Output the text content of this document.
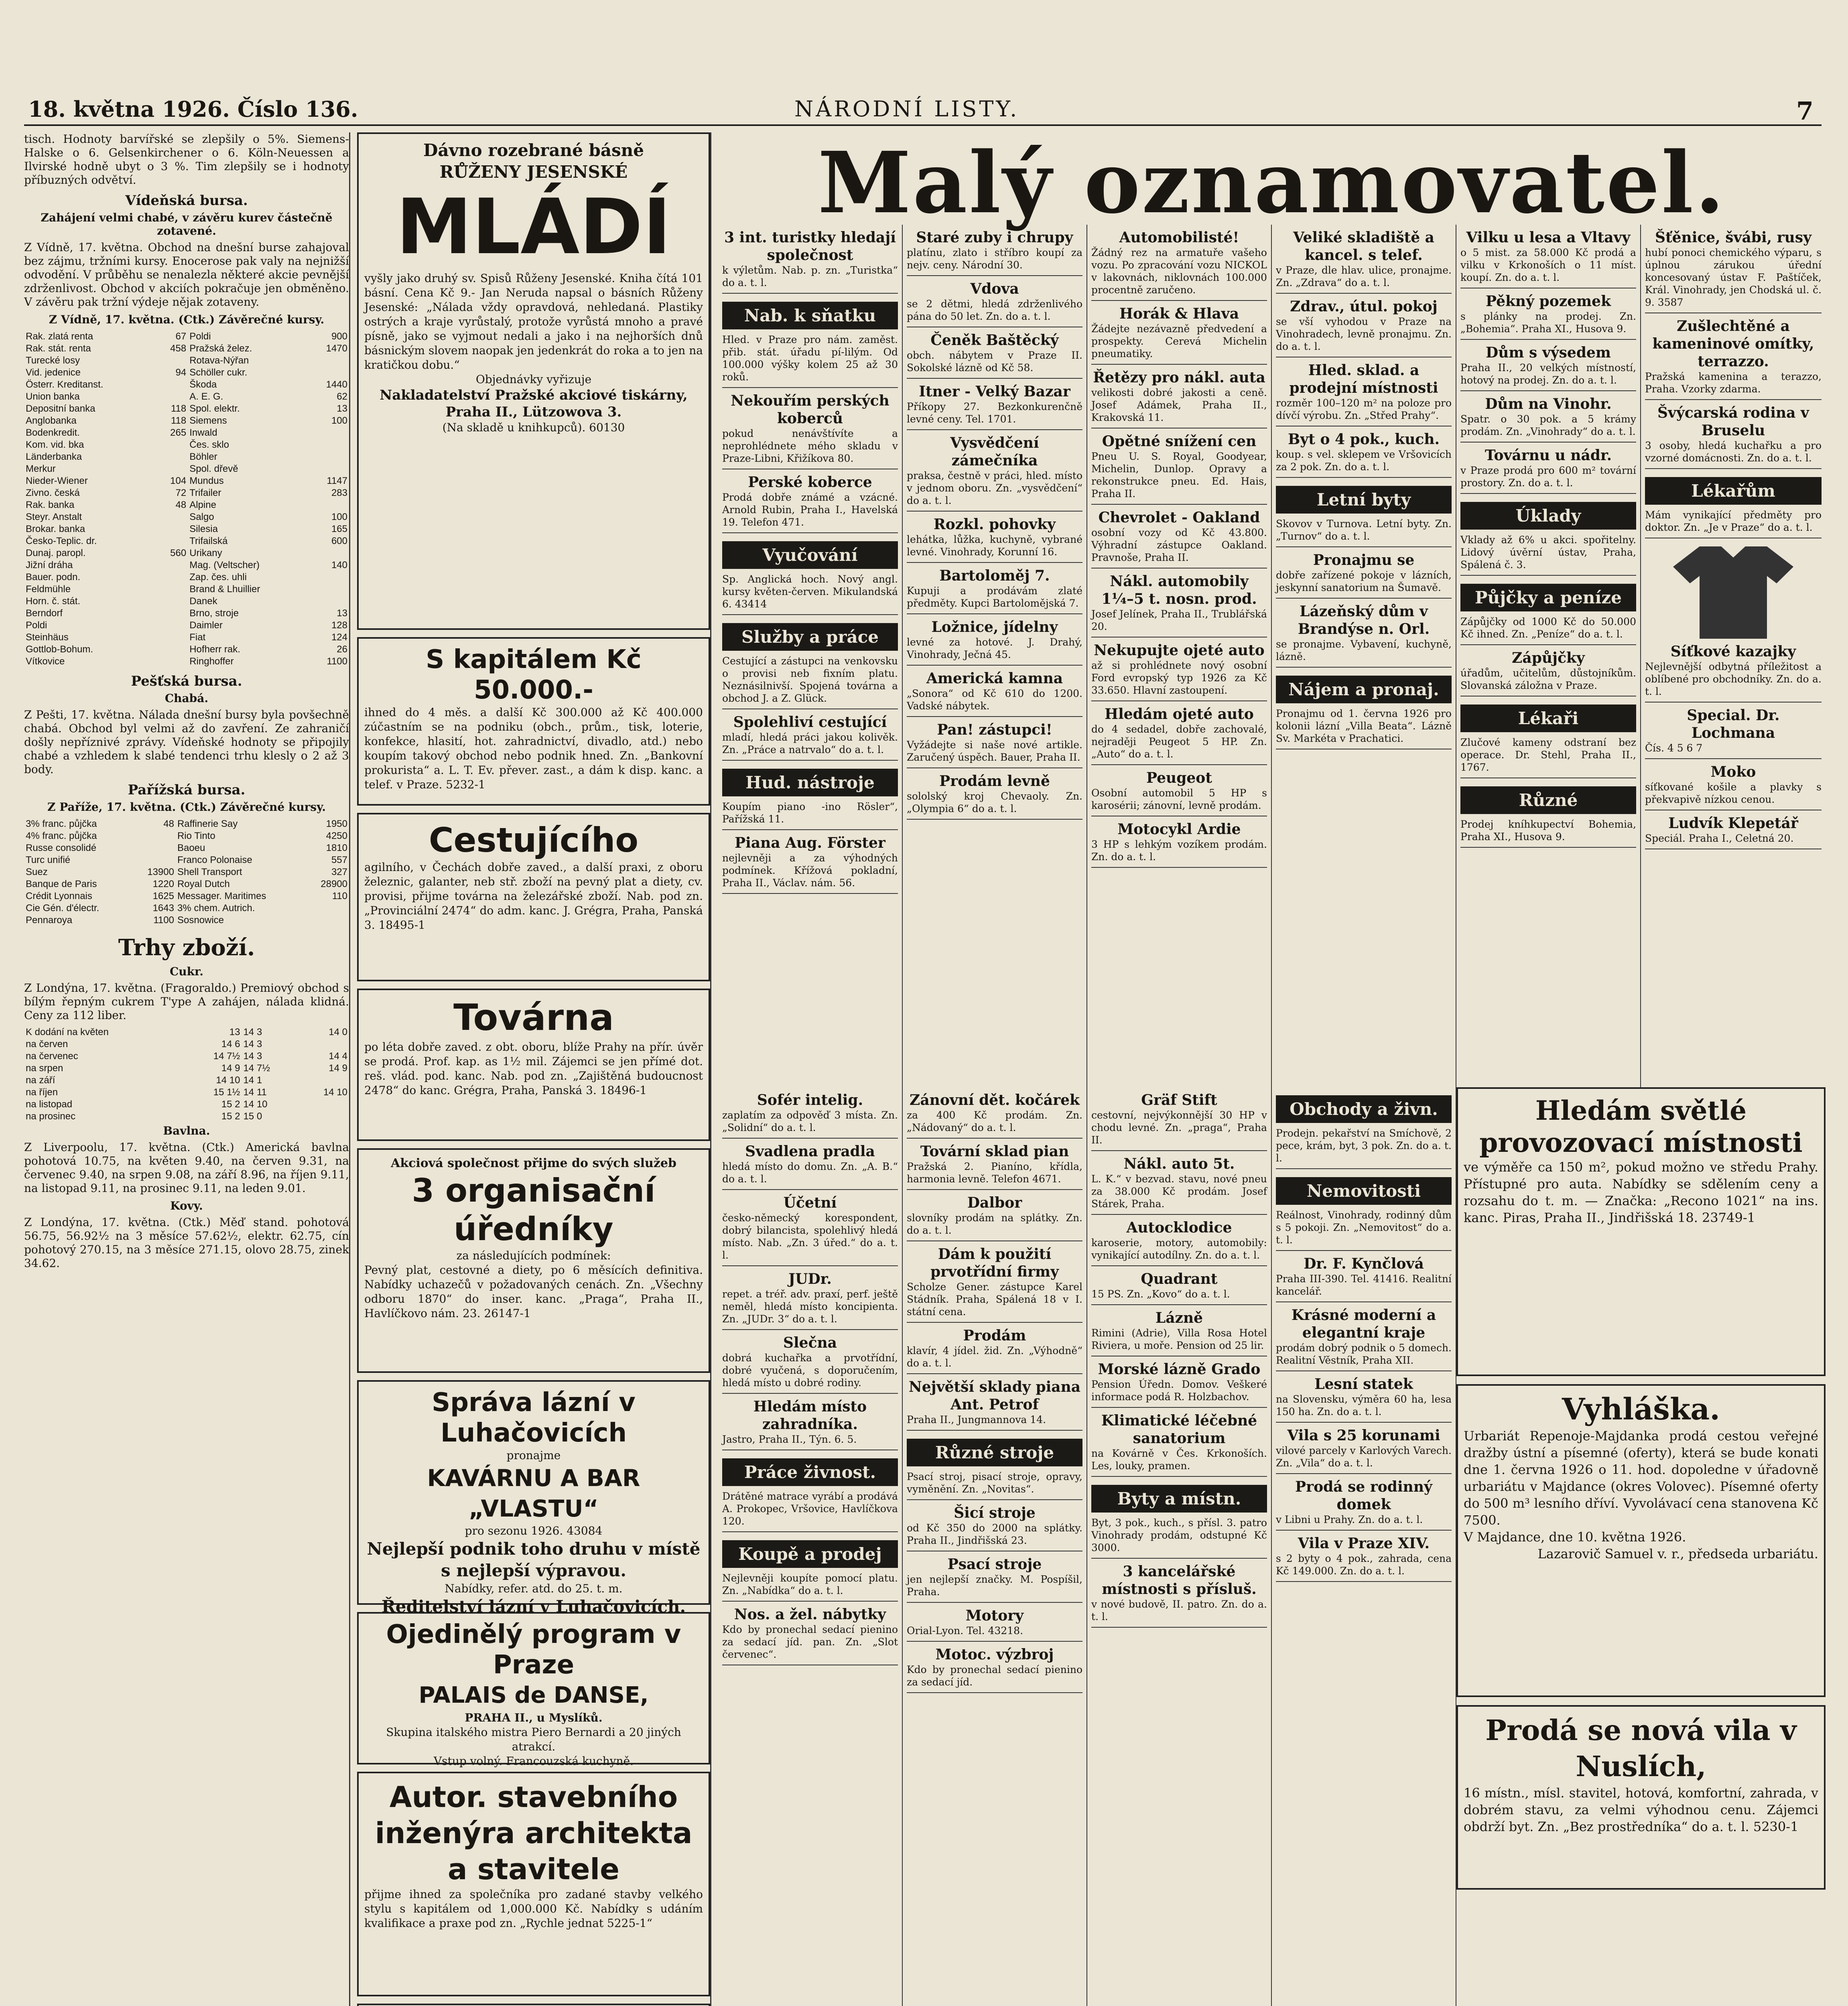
18. května 1926. Číslo 136.	NÁRODNÍ LISTY.	7

tisch. Hodnoty barvířské se zlepšily o 5%. Siemens-Halske o 6. Gelsenkirchener o 6. Köln-Neuessen a Ilvirské hodně ubyt o 3 %. Tim zlepšily se i hodnoty příbuzných odvětví.

Vídeňská bursa.
Zahájení velmi chabé, v závěru kurev částečně zotavené.

Z Vídně, 17. května. Obchod na dnešní burse zahajoval bez zájmu, tržními kursy. Enocerose pak valy na nejnižší odvodění. V průběhu se nenalezla některé akcie pevnější zdrženlivost. Obchod v akciích pokračuje jen obměněno. V závěru pak tržní výdeje nějak zotaveny.

Z Vídně, 17. května. (Ctk.) Závěrečné kursy.

Rak. zlatá renta	67	Poldi	900
Rak. stát. renta	458	Pražská želez.	1470
Turecké losy		Rotava-Nýřan	
Vid. jedenice	94	Schöller cukr.	
Österr. Kreditanst.		Škoda	1440
Union banka		A. E. G.	62
Depositní banka	118	Spol. elektr.	13
Anglobanka	118	Siemens	100
Bodenkredit.	265	Inwald	
Kom. vid. bka		Čes. sklo	
Länderbanka		Böhler	
Merkur		Spol. dřevě	
Nieder-Wiener	104	Mundus	1147
Zivno. česká	72	Trifailer	283
Rak. banka	48	Alpine	
Steyr. Anstalt		Salgo	100
Brokar. banka		Silesia	165
Česko-Teplic. dr.		Trifailská	600
Dunaj. paropl.	560	Urikany	
Jižní dráha		Mag. (Veltscher)	140
Bauer. podn.		Zap. čes. uhli	
Feldmühle		Brand & Lhuillier	
Horn. č. stát.		Danek	
Berndorf		Brno, stroje	13
Poldi		Daimler	128
Steinhäus		Fiat	124
Gottlob-Bohum.		Hofherr rak.	26
Vítkovice		Ringhoffer	1100
Pešťská bursa.
Chabá.

Z Pešti, 17. května. Nálada dnešní bursy byla povšechně chabá. Obchod byl velmi až do zavření. Ze zahraničí došly nepříznivé zprávy. Vídeňské hodnoty se připojily chabé a vzhledem k slabé tendenci trhu klesly o 2 až 3 body.

Pařížská bursa.

Z Paříže, 17. května. (Ctk.) Závěrečné kursy.

3% franc. půjčka	48	Raffinerie Say	1950
4% franc. půjčka		Rio Tinto	4250
Russe consolidé		Baoeu	1810
Turc unifié		Franco Polonaise	557
Suez	13900	Shell Transport	327
Banque de Paris	1220	Royal Dutch	28900
Crédit Lyonnais	1625	Messager. Maritimes	110
Cie Gén. d'électr.	1643	3% chem. Autrich.	
Pennaroya	1100	Sosnowice	
Trhy zboží.
Cukr.

Z Londýna, 17. května. (Fragoraldo.) Premiový obchod s bílým řepným cukrem T'ype A zahájen, nálada klidná. Ceny za 112 liber.

K dodání na květen	13	14 3	14 0
na červen	14 6	14 3	
na červenec	14 7½	14 3	14 4
na srpen	14 9	14 7½	14 9
na září	14 10	14 1	
na říjen	15 1½	14 11	14 10
na listopad	15 2	14 10	
na prosinec	15 2	15 0	
Bavlna.

Z Liverpoolu, 17. května. (Ctk.) Americká bavlna pohotová 10.75, na květen 9.40, na červen 9.31, na červenec 9.40, na srpen 9.08, na září 8.96, na říjen 9.11, na listopad 9.11, na prosinec 9.11, na leden 9.01.

Kovy.

Z Londýna, 17. května. (Ctk.) Měď stand. pohotová 56.75, 56.92½ na 3 měsíce 57.62½, elektr. 62.75, cín pohotový 270.15, na 3 měsíce 271.15, olovo 28.75, zinek 34.62.

Dávno rozebrané básně
RŮŽENY JESENSKÉ
MLÁDÍ
vyšly jako druhý sv. Spisů Růženy Jesenské. Kniha čítá 101 básní. Cena Kč 9.- Jan Neruda napsal o básních Růženy Jesenské: „Nálada vždy opravdová, nehledaná. Plastiky ostrých a kraje vyrůstalý, protože vyrůstá mnoho a pravé písně, jako se vyjmout nedali a jako i na nejhorších dnů básnickým slovem naopak jen jedenkrát do roka a to jen na kratičkou dobu.“
Objednávky vyřizuje
Nakladatelství Pražské akciové tiskárny, Praha II., Lützowova 3.
(Na skladě u knihkupců). 60130
S kapitálem Kč 50.000.-
ihned do 4 měs. a další Kč 300.000 až Kč 400.000 zúčastním se na podniku (obch., prům., tisk, loterie, konfekce, hlasití, hot. zahradnictví, divadlo, atd.) nebo koupím takový obchod nebo podnik hned. Zn. „Bankovní prokurista“ a. L. T. Ev. přever. zast., a dám k disp. kanc. a telef. v Praze. 5232-1
Cestujícího
agilního, v Čechách dobře zaved., a další praxi, z oboru železnic, galanter, neb stř. zboží na pevný plat a diety, cv. provisi, přijme továrna na železářské zboží. Nab. pod zn. „Provinciální 2474“ do adm. kanc. J. Grégra, Praha, Panská 3. 18495-1
Továrna
po léta dobře zaved. z obt. oboru, blíže Prahy na přír. úvěr se prodá. Prof. kap. as 1½ mil. Zájemci se jen přímé dot. reš. vlád. pod. kanc. Nab. pod zn. „Zajištěná budoucnost 2478“ do kanc. Grégra, Praha, Panská 3. 18496-1
Akciová společnost přijme do svých služeb
3 organisační úředníky
za následujících podmínek:
Pevný plat, cestovné a diety, po 6 měsících definitiva. Nabídky uchazečů v požadovaných cenách. Zn. „Všechny odboru 1870“ do inser. kanc. „Praga“, Praha II., Havlíčkovo nám. 23. 26147-1
Správa lázní v Luhačovicích
pronajme
KAVÁRNU A BAR „VLASTU“
pro sezonu 1926. 43084
Nejlepší podnik toho druhu v místě s nejlepší výpravou.
Nabídky, refer. atd. do 25. t. m.
Ředitelství lázní v Luhačovicích.
Ojedinělý program v Praze
PALAIS de DANSE,
PRAHA II., u Myslíků.
Skupina italského mistra Piero Bernardi a 20 jiných atrakcí.
Vstup volný. Francouzská kuchyně.
Autor. stavebního inženýra architekta a stavitele
přijme ihned za společníka pro zadané stavby velkého stylu s kapitálem od 1,000.000 Kč. Nabídky s udáním kvalifikace a praxe pod zn. „Rychle jednat 5225-1“
Malý oznamovatel.
3 int. turistky hledají společnost
k výletům. Nab. p. zn. „Turistka“ do a. t. l.
Nab. k sňatku
Hled. v Praze pro nám. zaměst. přib. stát. úřadu pí-lilým. Od 100.000 výšky kolem 25 až 30 roků.
Nekouřím perských koberců
pokud nenávštívíte a neprohlédnete mého skladu v Praze-Libni, Křižíkova 80.
Perské koberce
Prodá dobře známé a vzácné. Arnold Rubin, Praha I., Havelská 19. Telefon 471.
Vyučování
Sp. Anglická hoch. Nový angl. kursy květen-červen. Mikulandská 6. 43414
Služby a práce
Cestující a zástupci na venkovsku o provisi neb fixním platu. Neznásilnivší. Spojená továrna a obchod J. a Z. Glück.
Spolehliví cestující
mladí, hledá práci jakou kolivěk. Zn. „Práce a natrvalo“ do a. t. l.
Hud. nástroje
Koupím piano -ino Rösler“, Pařížská 11.
Piana Aug. Förster
nejlevněji a za výhodných podmínek. Křížová pokladní, Praha II., Václav. nám. 56.
Staré zuby i chrupy
platínu, zlato i stříbro koupí za nejv. ceny. Národní 30.
Vdova
se 2 dětmi, hledá zdrženlivého pána do 50 let. Zn. do a. t. l.
Čeněk Baštěcký
obch. nábytem v Praze II. Sokolské lázně od Kč 58.
Itner - Velký Bazar
Příkopy 27. Bezkonkurenčně levné ceny. Tel. 1701.
Vysvědčení zámečníka
praksa, čestně v práci, hled. místo v jednom oboru. Zn. „vysvědčení“ do a. t. l.
Rozkl. pohovky
lehátka, lůžka, kuchyně, vybrané levné. Vinohrady, Korunní 16.
Bartoloměj 7.
Kupuji a prodávám zlaté předměty. Kupci Bartolomějská 7.
Ložnice, jídelny
levné za hotové. J. Drahý, Vinohrady, Ječná 45.
Americká kamna
„Sonora“ od Kč 610 do 1200. Vadské nábytek.
Pan! zástupci!
Vyžádejte si naše nové artikle. Zaručený úspěch. Bauer, Praha II.
Prodám levně
sololský kroj Chevaoly. Zn. „Olympia 6“ do a. t. l.
Automobilisté!
Žádný rez na armatuře vašeho vozu. Po zpracování vozu NICKOL v lakovnách, niklovnách 100.000 procentně zaručeno.
Horák & Hlava
Žádejte nezávazně předvedení a prospekty. Cerevá Michelin pneumatiky.
Řetězy pro nákl. auta
velikosti dobré jakosti a ceně. Josef Adámek, Praha II., Krakovská 11.
Opětné snížení cen
Pneu U. S. Royal, Goodyear, Michelin, Dunlop. Opravy a rekonstrukce pneu. Ed. Hais, Praha II.
Chevrolet - Oakland
osobní vozy od Kč 43.800. Výhradní zástupce Oakland. Pravnoše, Praha II.
Nákl. automobily 1¼–5 t. nosn. prod.
Josef Jelínek, Praha II., Trublářská 20.
Nekupujte ojeté auto
až si prohlédnete nový osobní Ford evropský typ 1926 za Kč 33.650. Hlavní zastoupení.
Hledám ojeté auto
do 4 sedadel, dobře zachovalé, nejraději Peugeot 5 HP. Zn. „Auto“ do a. t. l.
Peugeot
Osobní automobil 5 HP s karosérii; zánovní, levně prodám.
Motocykl Ardie
3 HP s lehkým vozíkem prodám. Zn. do a. t. l.
Veliké skladiště a kancel. s telef.
v Praze, dle hlav. ulice, pronajme. Zn. „Zdrava“ do a. t. l.
Zdrav., útul. pokoj
se vší vyhodou v Praze na Vinohradech, levně pronajmu. Zn. do a. t. l.
Hled. sklad. a prodejní místnosti
rozměr 100–120 m² na poloze pro dívčí výrobu. Zn. „Střed Prahy“.
Byt o 4 pok., kuch.
koup. s vel. sklepem ve Vršovicích za 2 pok. Zn. do a. t. l.
Letní byty
Skovov v Turnova. Letní byty. Zn. „Turnov“ do a. t. l.
Pronajmu se
dobře zařízené pokoje v lázních, jeskynní sanatorium na Šumavě.
Lázeňský dům v Brandýse n. Orl.
se pronajme. Vybavení, kuchyně, lázně.
Nájem a pronaj.
Pronajmu od 1. června 1926 pro kolonii lázní „Villa Beata“. Lázně Sv. Markéta v Prachatici.
Vilku u lesa a Vltavy
o 5 mist. za 58.000 Kč prodá a vilku v Krkonoších o 11 míst. koupí. Zn. do a. t. l.
Pěkný pozemek
s plánky na prodej. Zn. „Bohemia“. Praha XI., Husova 9.
Dům s výsedem
Praha II., 20 velkých místností, hotový na prodej. Zn. do a. t. l.
Dům na Vinohr.
Spatr. o 30 pok. a 5 krámy prodám. Zn. „Vinohrady“ do a. t. l.
Továrnu u nádr.
v Praze prodá pro 600 m² tovární prostory. Zn. do a. t. l.
Úklady
Vklady až 6% u akci. spořitelny. Lidový úvěrní ústav, Praha, Spálená č. 3.
Půjčky a peníze
Zápůjčky od 1000 Kč do 50.000 Kč ihned. Zn. „Peníze“ do a. t. l.
Zápůjčky
úřadům, učitelům, důstojníkům. Slovanská záložna v Praze.
Lékaři
Zlučové kameny odstraní bez operace. Dr. Stehl, Praha II., 1767.
Různé
Prodej kníhkupectví Bohemia, Praha XI., Husova 9.
Šťěnice, švábi, rusy
hubí ponoci chemického výparu, s úplnou zárukou úřední koncesovaný ústav F. Paštíček, Král. Vinohrady, jen Chodská ul. č. 9. 3587
Zušlechtěné a kameninové omítky, terrazzo.
Pražská kamenina a terazzo, Praha. Vzorky zdarma.
Švýcarská rodina v Bruselu
3 osoby, hledá kuchařku a pro vzorné domácnosti. Zn. do a. t. l.
Lékařům
Mám vynikající předměty pro doktor. Zn. „Je v Praze“ do a. t. l.
Síťkové kazajky
Nejlevnější odbytná příležitost a oblíbené pro obchodníky. Zn. do a. t. l.
Special. Dr. Lochmana
Čís. 4 5 6 7
Moko
síťkované košile a plavky s překvapivě nízkou cenou.
Ludvík Klepetář
Speciál. Praha I., Celetná 20.
Sofér intelig.
zaplatím za odpověď 3 místa. Zn. „Solidní“ do a. t. l.
Svadlena pradla
hledá místo do domu. Zn. „A. B.“ do a. t. l.
Účetní
česko-německý korespondent, dobrý bilancista, spolehlivý hledá místo. Nab. „Zn. 3 úřed.“ do a. t. l.
JUDr.
repet. a tréř. adv. praxí, perf. ještě neměl, hledá místo koncipienta. Zn. „JUDr. 3“ do a. t. l.
Slečna
dobrá kuchařka a prvotřídní, dobré vyučená, s doporučením, hledá místo u dobré rodiny.
Hledám místo zahradníka.
Jastro, Praha II., Týn. 6. 5.
Práce živnost.
Drátěné matrace vyrábí a prodává A. Prokopec, Vršovice, Havlíčkova 120.
Koupě a prodej
Nejlevněji koupíte pomocí platu. Zn. „Nabídka“ do a. t. l.
Nos. a žel. nábytky
Kdo by pronechal sedací pienino za sedací jíd. pan. Zn. „Slot červenec“.
Zánovní dět. kočárek
za 400 Kč prodám. Zn. „Nádovaný“ do a. t. l.
Tovární sklad pian
Pražská 2. Pianíno, křídla, harmonia levně. Telefon 4671.
Dalbor
slovníky prodám na splátky. Zn. do a. t. l.
Dám k použití prvotřídní firmy
Scholze Gener. zástupce Karel Stádník. Praha, Spálená 18 v I. státní cena.
Prodám
klavír, 4 jídel. žid. Zn. „Výhodně“ do a. t. l.
Největší sklady piana Ant. Petrof
Praha II., Jungmannova 14.
Různé stroje
Psací stroj, pisací stroje, opravy, vyměnění. Zn. „Novitas“.
Šicí stroje
od Kč 350 do 2000 na splátky. Praha II., Jindřišská 23.
Psací stroje
jen nejlepší značky. M. Pospíšil, Praha.
Motory
Orial-Lyon. Tel. 43218.
Motoc. výzbroj
Kdo by pronechal sedací pienino za sedací jíd.
Gräf Stift
cestovní, nejvýkonnější 30 HP v chodu levné. Zn. „praga“, Praha II.
Nákl. auto 5t.
L. K.“ v bezvad. stavu, nové pneu za 38.000 Kč prodám. Josef Stárek, Praha.
Autocklodice
karoserie, motory, automobily: vynikající autodílny. Zn. do a. t. l.
Quadrant
15 PS. Zn. „Kovo“ do a. t. l.
Lázně
Rimini (Adrie), Villa Rosa Hotel Riviera, u moře. Pension od 25 lir.
Morské lázně Grado
Pension Úředn. Domov. Veškeré informace podá R. Holzbachov.
Klimatické léčebné sanatorium
na Kovárně v Čes. Krkonoších. Les, louky, pramen.
Byty a místn.
Byt, 3 pok., kuch., s přísl. 3. patro Vinohrady prodám, odstupné Kč 3000.
3 kancelářské místnosti s přísluš.
v nové budově, II. patro. Zn. do a. t. l.
Obchody a živn.
Prodejn. pekařství na Smíchově, 2 pece, krám, byt, 3 pok. Zn. do a. t. l.
Nemovitosti
Reálnost, Vinohrady, rodinný dům s 5 pokoji. Zn. „Nemovitost“ do a. t. l.
Dr. F. Kynčlová
Praha III-390. Tel. 41416. Realitní kancelář.
Krásné moderní a elegantní kraje
prodám dobrý podnik o 5 domech. Realitní Věstník, Praha XII.
Lesní statek
na Slovensku, výměra 60 ha, lesa 150 ha. Zn. do a. t. l.
Vila s 25 korunami
vilové parcely v Karlových Varech. Zn. „Vila“ do a. t. l.
Prodá se rodinný domek
v Libni u Prahy. Zn. do a. t. l.
Vila v Praze XIV.
s 2 byty o 4 pok., zahrada, cena Kč 149.000. Zn. do a. t. l.
Hledám světlé provozovací místnosti
ve výměře ca 150 m², pokud možno ve středu Prahy. Přístupné pro auta. Nabídky se sdělením ceny a rozsahu do t. m. — Značka: „Recono 1021“ na ins. kanc. Piras, Praha II., Jindřišská 18. 23749-1
Vyhláška.
Urbariát Repenoje-Majdanka prodá cestou veřejné dražby ústní a písemné (oferty), která se bude konati dne 1. června 1926 o 11. hod. dopoledne v úřadovně urbariátu v Majdance (okres Volovec). Písemné oferty do 500 m³ lesního dříví. Vyvolávací cena stanovena Kč 7500.
V Majdance, dne 10. května 1926.
Lazarovič Samuel v. r., předseda urbariátu.
Prodá se nová vila v Nuslích,
16 místn., mísl. stavitel, hotová, komfortní, zahrada, v dobrém stavu, za velmi výhodnou cenu. Zájemci obdrží byt. Zn. „Bez prostředníka“ do a. t. l. 5230-1
